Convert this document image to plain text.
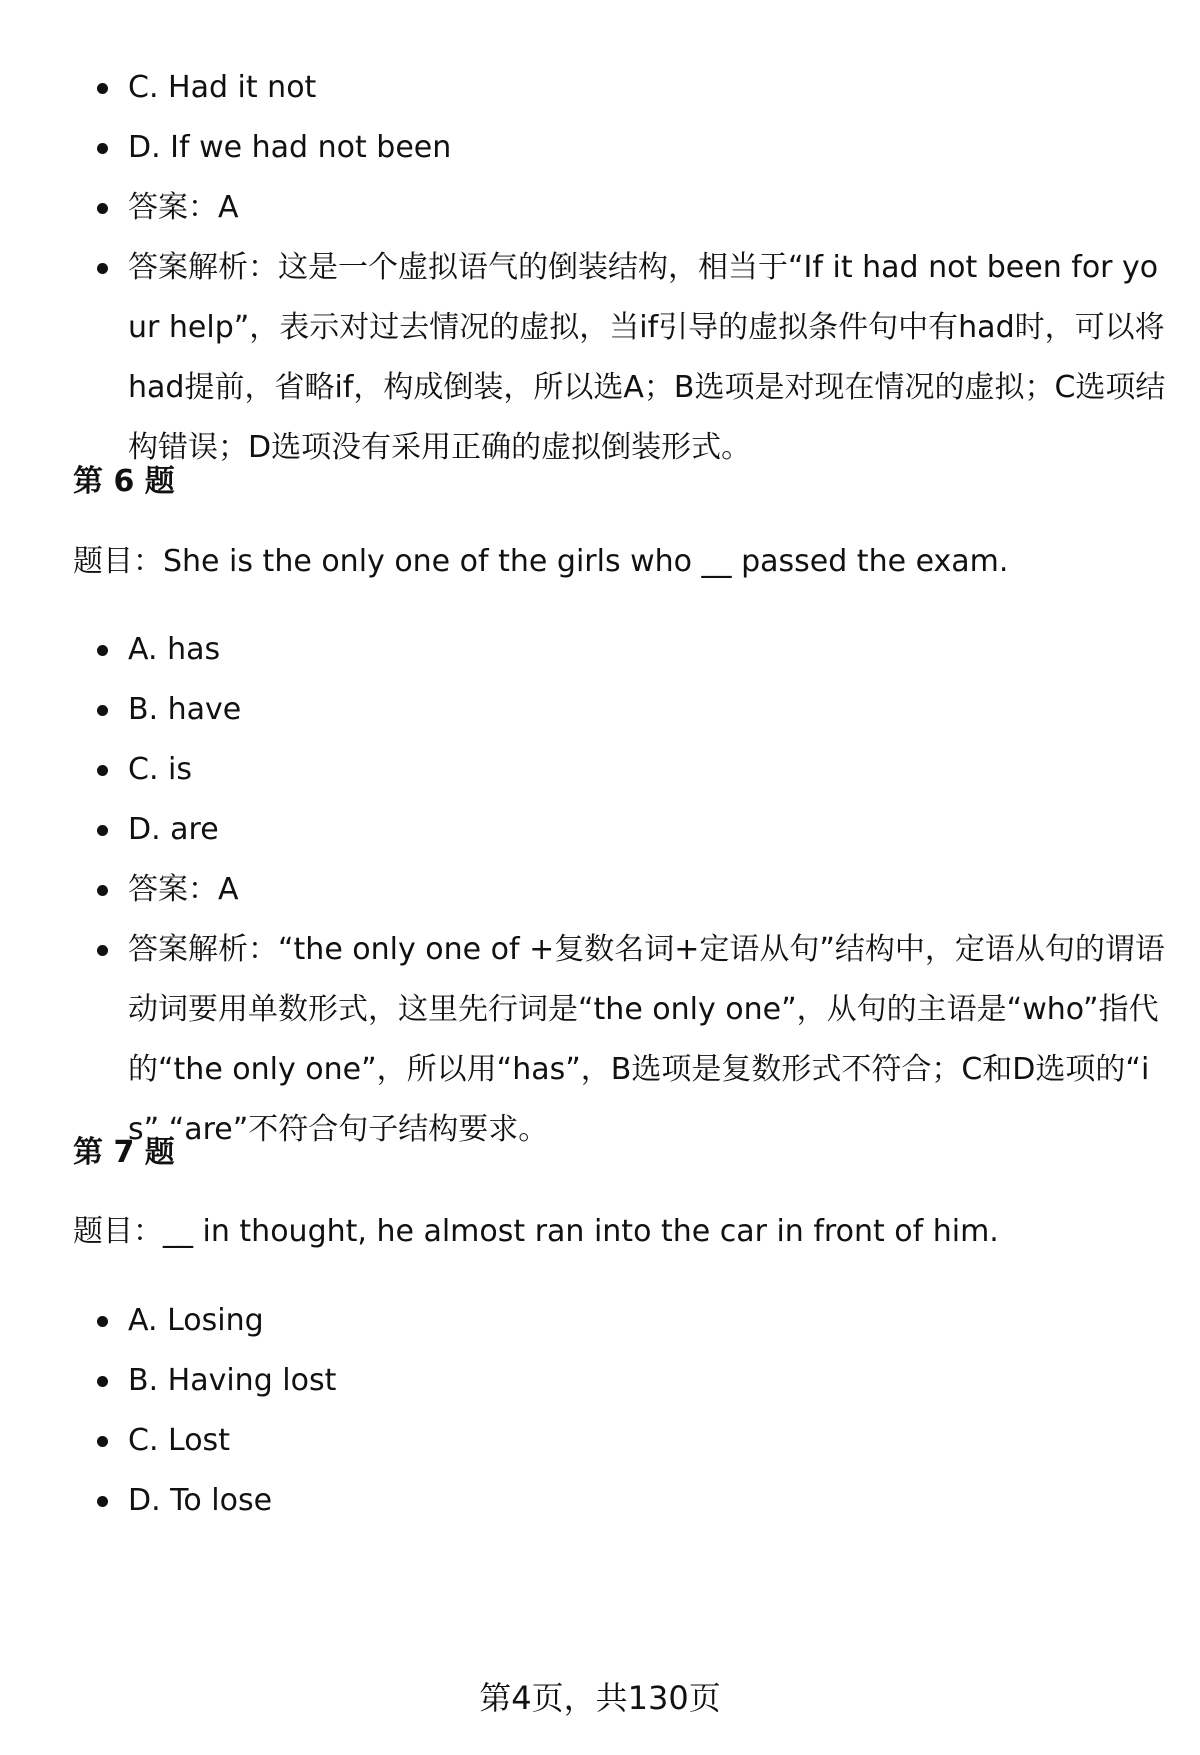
C. Had it not
D. If we had not been
答案：A
答案解析：这是一个虚拟语气的倒装结构，相当于“If it had not been for your help”，表示对过去情况的虚拟，当if引导的虚拟条件句中有had时，可以将had提前，省略if，构成倒装，所以选A；B选项是对现在情况的虚拟；C选项结构错误；D选项没有采用正确的虚拟倒装形式。
第 6 题
题目：She is the only one of the girls who __ passed the exam.
A. has
B. have
C. is
D. are
答案：A
答案解析：“the only one of +复数名词+定语从句”结构中，定语从句的谓语动词要用单数形式，这里先行词是“the only one”，从句的主语是“who”指代的“the only one”，所以用“has”，B选项是复数形式不符合；C和D选项的“is” “are”不符合句子结构要求。
第 7 题
题目：__ in thought, he almost ran into the car in front of him.
A. Losing
B. Having lost
C. Lost
D. To lose
第4页，共130页
